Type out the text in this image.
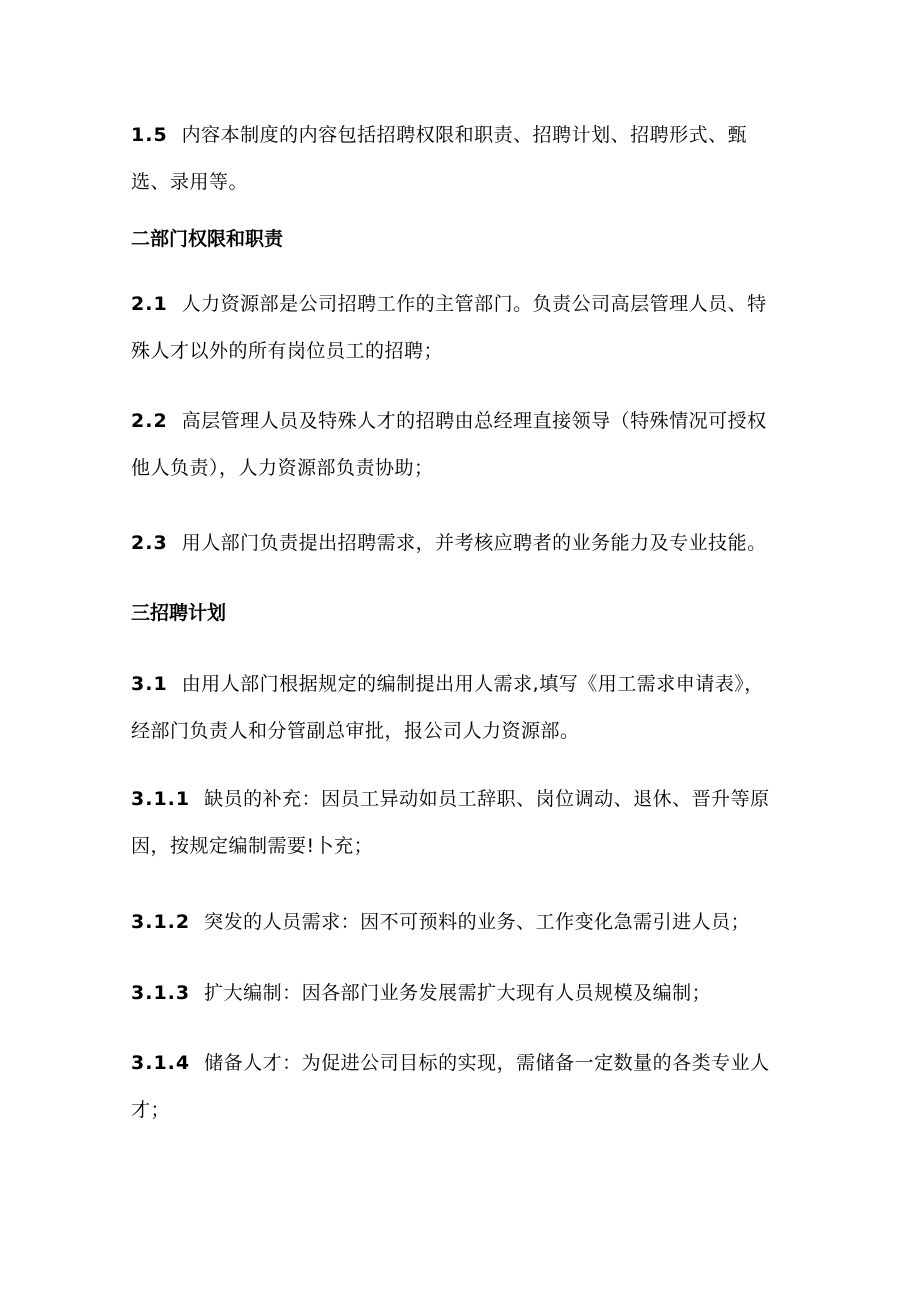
1.5 内容本制度的内容包括招聘权限和职责、招聘计划、招聘形式、甄
选、录用等。
二部门权限和职责
2.1 人力资源部是公司招聘工作的主管部门。负责公司高层管理人员、特
殊人才以外的所有岗位员工的招聘；
2.2 高层管理人员及特殊人才的招聘由总经理直接领导（特殊情况可授权
他人负责），人力资源部负责协助；
2.3 用人部门负责提出招聘需求，并考核应聘者的业务能力及专业技能。
三招聘计划
3.1 由用人部门根据规定的编制提出用人需求,填写《用工需求申请表》，
经部门负责人和分管副总审批，报公司人力资源部。
3.1.1 缺员的补充：因员工异动如员工辞职、岗位调动、退休、晋升等原
因，按规定编制需要!卜充；
3.1.2 突发的人员需求：因不可预料的业务、工作变化急需引进人员；
3.1.3 扩大编制：因各部门业务发展需扩大现有人员规模及编制；
3.1.4 储备人才：为促进公司目标的实现，需储备一定数量的各类专业人
才；
